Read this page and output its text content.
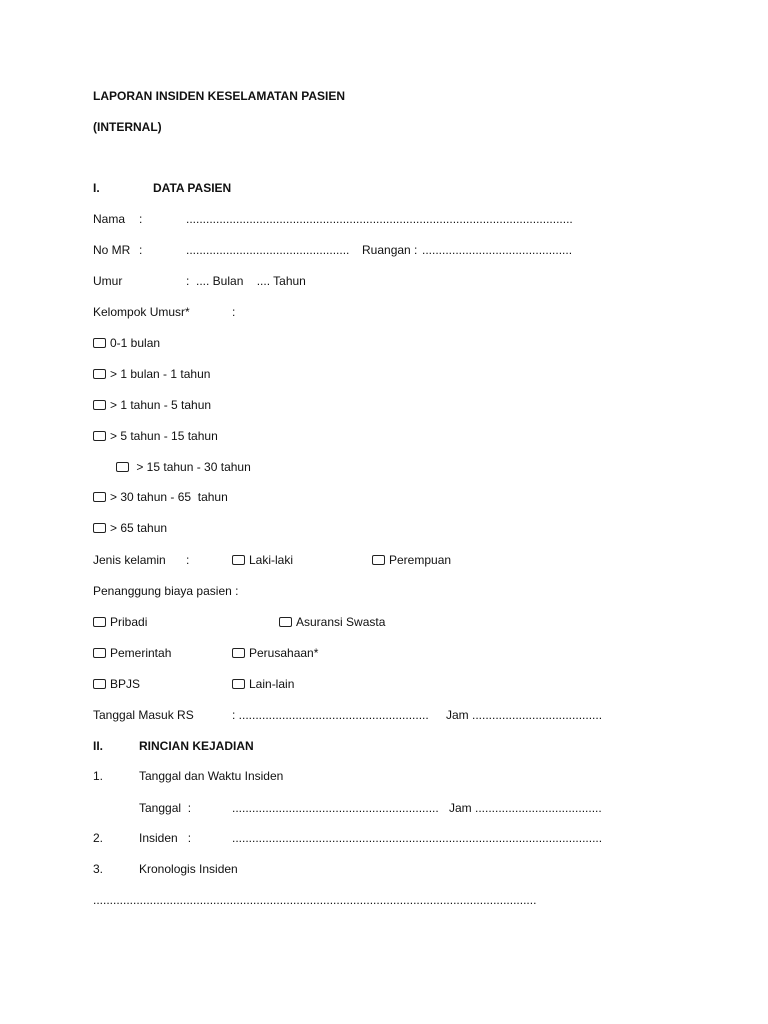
LAPORAN INSIDEN KESELAMATAN PASIEN
(INTERNAL)
I.	DATA PASIEN
Nama :	....................................................................................................................
No MR :	................................................. Ruangan : .............................................
Umur	:  .... Bulan    .... Tahun
Kelompok Umusr*	:
0-1 bulan
> 1 bulan - 1 tahun
> 1 tahun - 5 tahun
> 5 tahun - 15 tahun
> 15 tahun - 30 tahun
> 30 tahun - 65  tahun
> 65 tahun
Jenis kelamin :	Laki-laki	Perempuan
Penanggung biaya pasien :
Pribadi	Asuransi Swasta
Pemerintah	Perusahaan*
BPJS	Lain-lain
Tanggal Masuk RS	: ......................................................... Jam .......................................
II.	RINCIAN KEJADIAN
1.	Tanggal dan Waktu Insiden
Tanggal  :	.............................................................. Jam ......................................
2.	Insiden   :	...............................................................................................................
3.	Kronologis Insiden
.....................................................................................................................................
